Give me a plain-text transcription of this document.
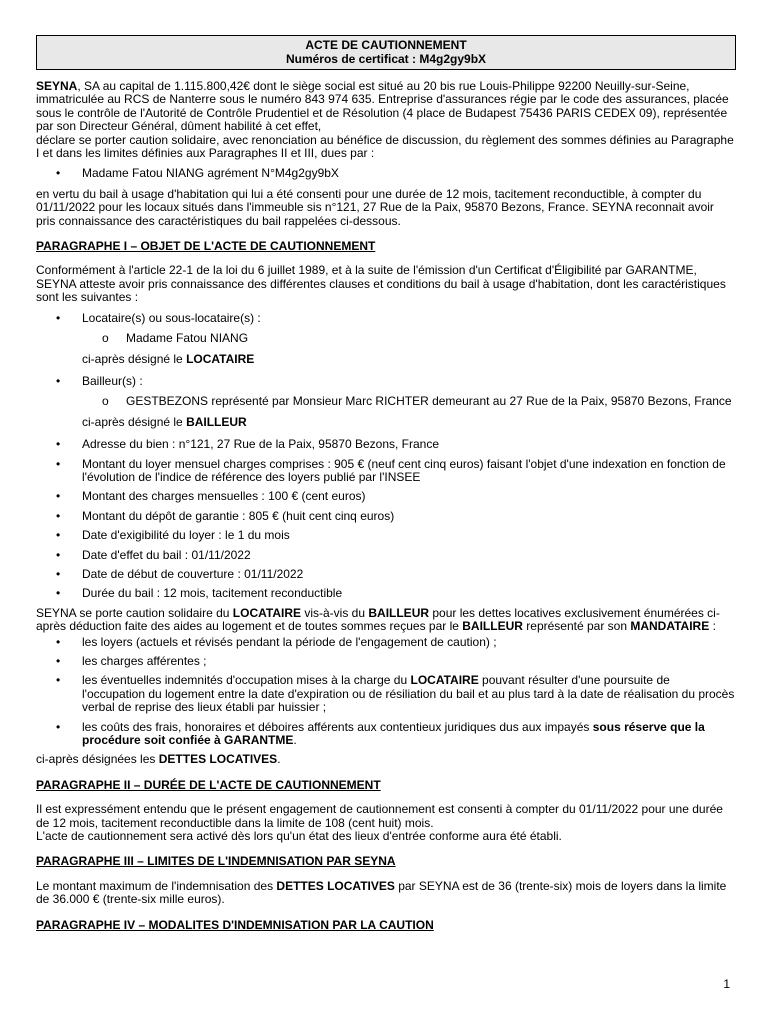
ACTE DE CAUTIONNEMENT
Numéros de certificat : M4g2gy9bX

SEYNA, SA au capital de 1.115.800,42€ dont le siège social est situé au 20 bis rue Louis-Philippe 92200 Neuilly-sur-Seine, immatriculée au RCS de Nanterre sous le numéro 843 974 635. Entreprise d'assurances régie par le code des assurances, placée sous le contrôle de l'Autorité de Contrôle Prudentiel et de Résolution (4 place de Budapest 75436 PARIS CEDEX 09), représentée par son Directeur Général, dûment habilité à cet effet,

déclare se porter caution solidaire, avec renonciation au bénéfice de discussion, du règlement des sommes définies au Paragraphe I et dans les limites définies aux Paragraphes II et III, dues par :

• Madame Fatou NIANG agrément N°M4g2gy9bX

en vertu du bail à usage d'habitation qui lui a été consenti pour une durée de 12 mois, tacitement reconductible, à compter du 01/11/2022 pour les locaux situés dans l'immeuble sis n°121, 27 Rue de la Paix, 95870 Bezons, France. SEYNA reconnait avoir pris connaissance des caractéristiques du bail rappelées ci-dessous.

PARAGRAPHE I – OBJET DE L'ACTE DE CAUTIONNEMENT

Conformément à l'article 22-1 de la loi du 6 juillet 1989, et à la suite de l'émission d'un Certificat d'Éligibilité par GARANTME, SEYNA atteste avoir pris connaissance des différentes clauses et conditions du bail à usage d'habitation, dont les caractéristiques sont les suivantes :

• Locataire(s) ou sous-locataire(s) :
o Madame Fatou NIANG
ci-après désigné le LOCATAIRE
• Bailleur(s) :
o GESTBEZONS représenté par Monsieur Marc RICHTER demeurant au 27 Rue de la Paix, 95870 Bezons, France
ci-après désigné le BAILLEUR
• Adresse du bien : n°121, 27 Rue de la Paix, 95870 Bezons, France
• Montant du loyer mensuel charges comprises : 905 € (neuf cent cinq euros) faisant l'objet d'une indexation en fonction de l'évolution de l'indice de référence des loyers publié par l'INSEE
• Montant des charges mensuelles : 100 € (cent euros)
• Montant du dépôt de garantie : 805 € (huit cent cinq euros)
• Date d'exigibilité du loyer : le 1 du mois
• Date d'effet du bail : 01/11/2022
• Date de début de couverture : 01/11/2022
• Durée du bail : 12 mois, tacitement reconductible

SEYNA se porte caution solidaire du LOCATAIRE vis-à-vis du BAILLEUR pour les dettes locatives exclusivement énumérées ci-après déduction faite des aides au logement et de toutes sommes reçues par le BAILLEUR représenté par son MANDATAIRE :

• les loyers (actuels et révisés pendant la période de l'engagement de caution) ;
• les charges afférentes ;
• les éventuelles indemnités d'occupation mises à la charge du LOCATAIRE pouvant résulter d'une poursuite de l'occupation du logement entre la date d'expiration ou de résiliation du bail et au plus tard à la date de réalisation du procès verbal de reprise des lieux établi par huissier ;
• les coûts des frais, honoraires et déboires afférents aux contentieux juridiques dus aux impayés sous réserve que la procédure soit confiée à GARANTME.

ci-après désignées les DETTES LOCATIVES.

PARAGRAPHE II – DURÉE DE L'ACTE DE CAUTIONNEMENT

Il est expressément entendu que le présent engagement de cautionnement est consenti à compter du 01/11/2022 pour une durée de 12 mois, tacitement reconductible dans la limite de 108 (cent huit) mois.

L'acte de cautionnement sera activé dès lors qu'un état des lieux d'entrée conforme aura été établi.

PARAGRAPHE III – LIMITES DE L'INDEMNISATION PAR SEYNA

Le montant maximum de l'indemnisation des DETTES LOCATIVES par SEYNA est de 36 (trente-six) mois de loyers dans la limite de 36.000 € (trente-six mille euros).

PARAGRAPHE IV – MODALITES D'INDEMNISATION PAR LA CAUTION
1
